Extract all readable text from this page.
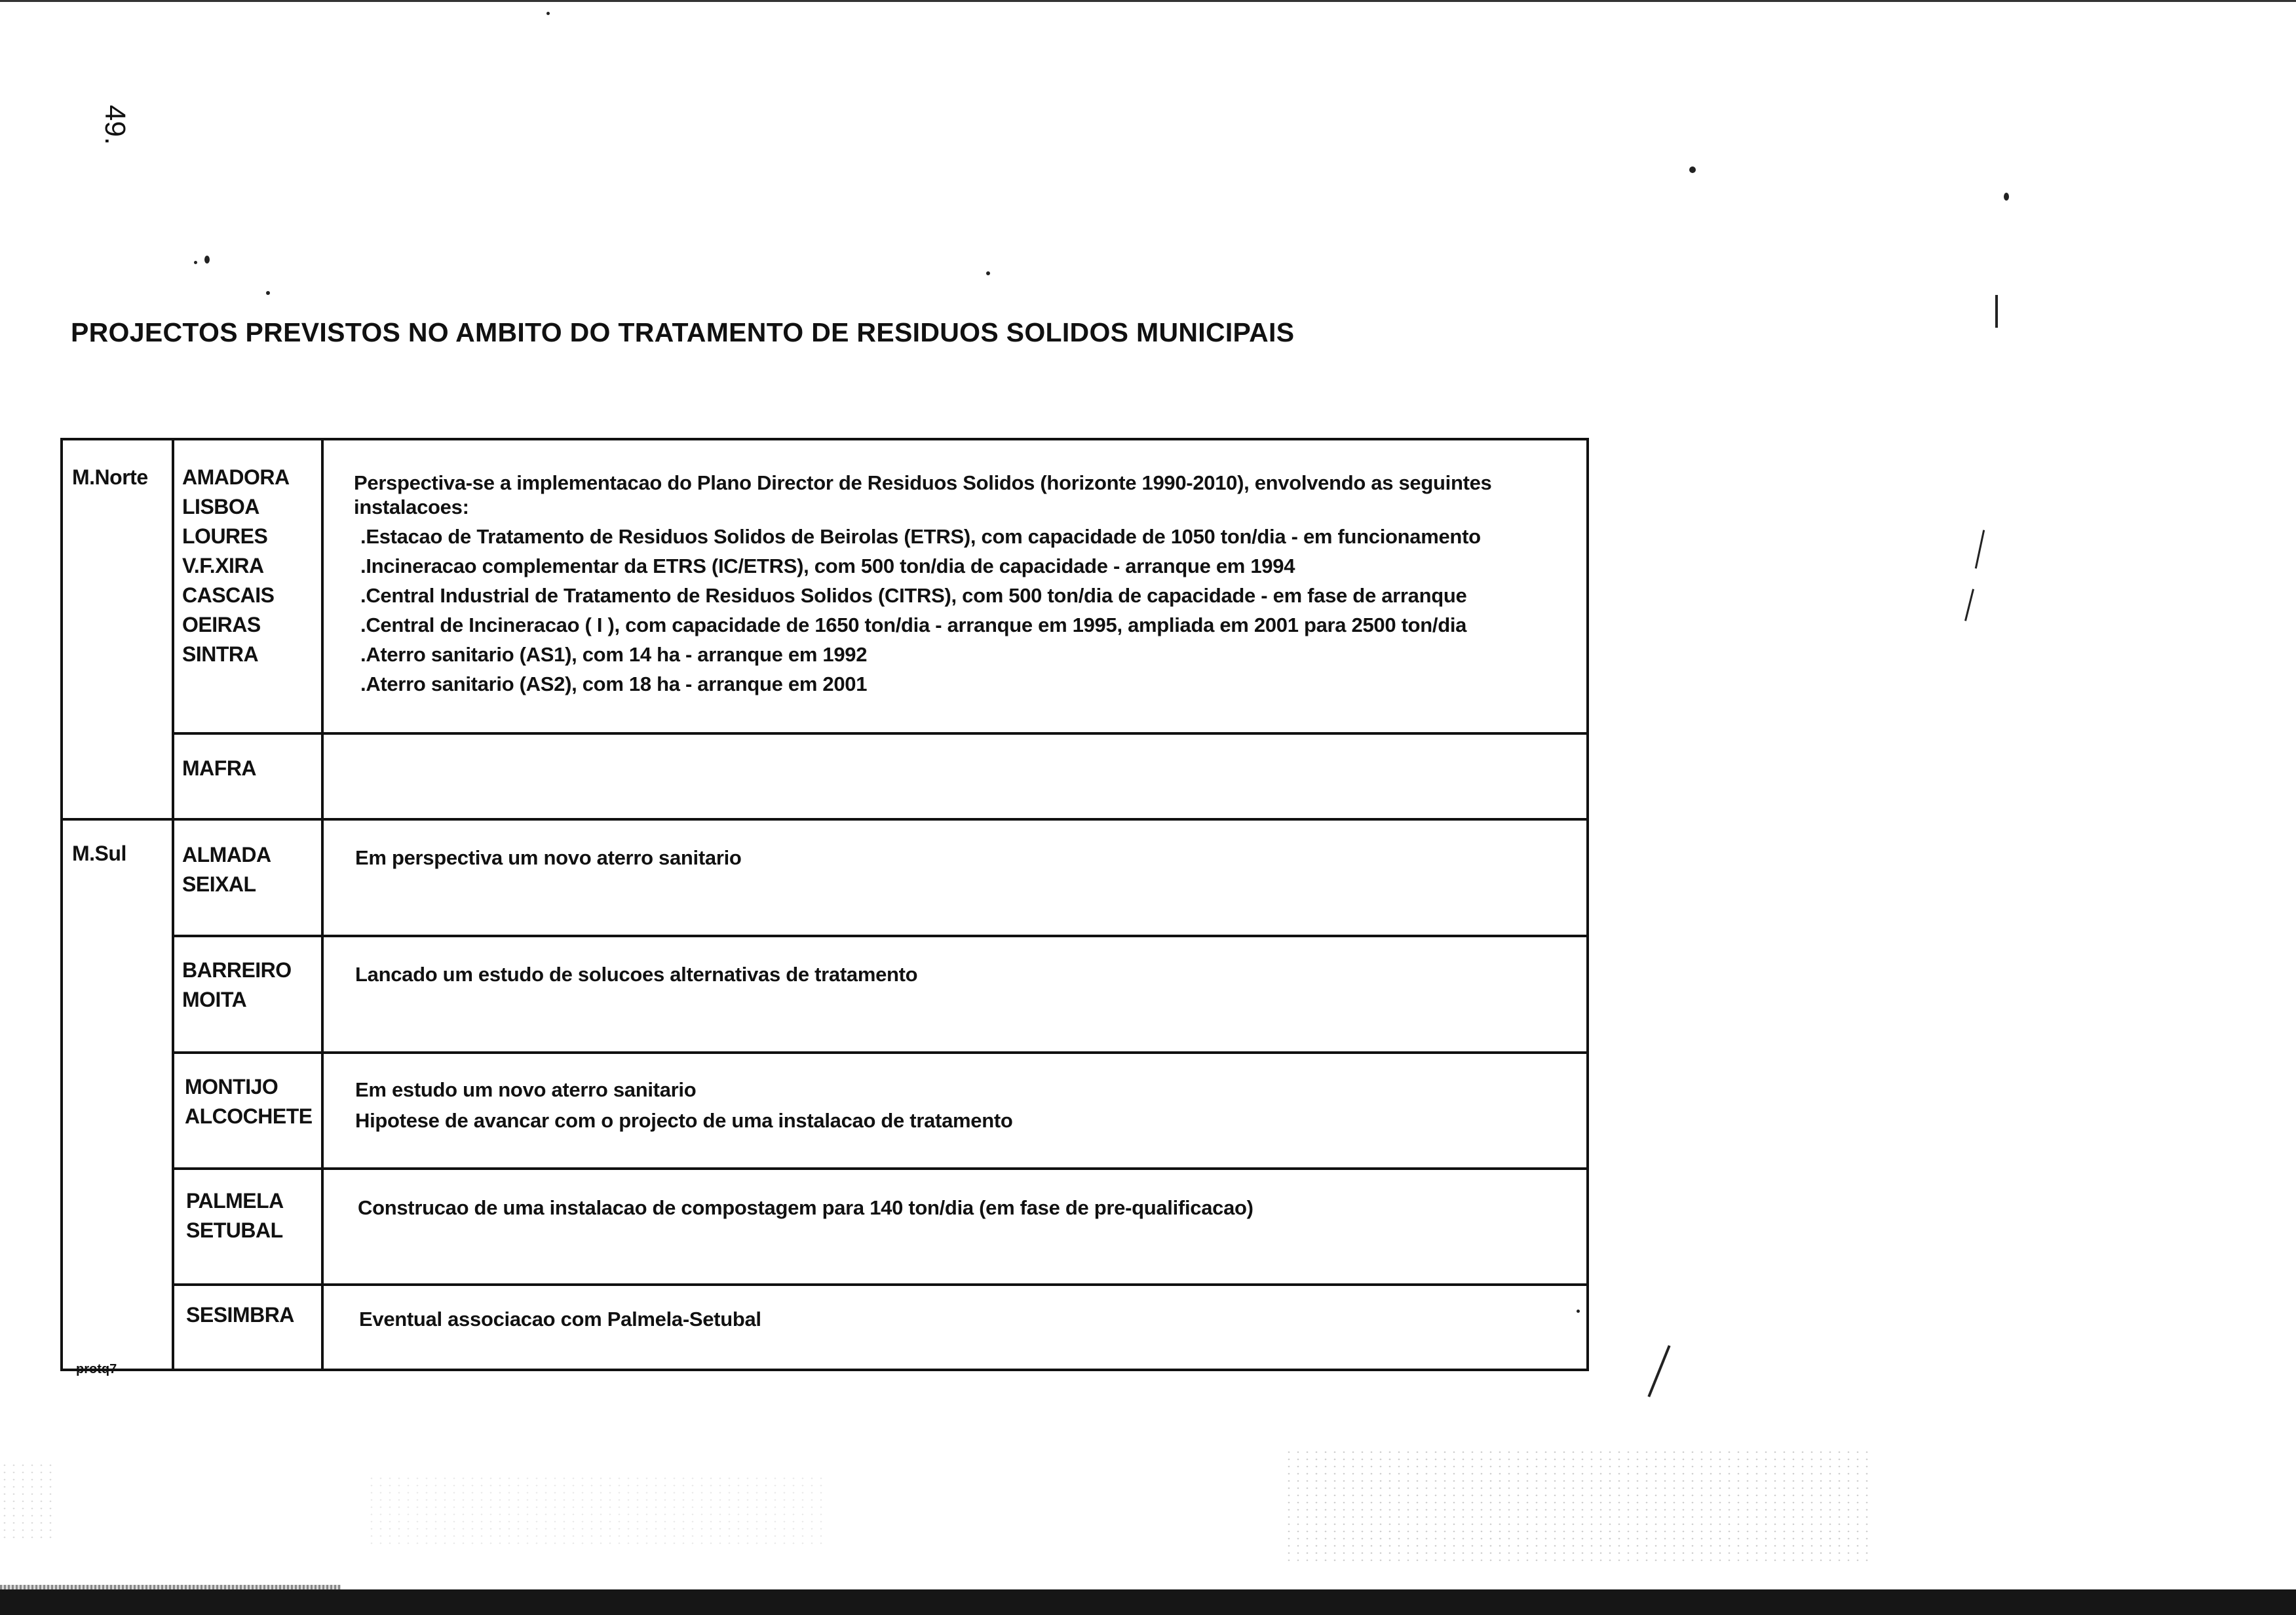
49.
PROJECTOS PREVISTOS NO AMBITO DO TRATAMENTO DE RESIDUOS SOLIDOS MUNICIPAIS
M.Norte
M.Sul
AMADORA
LISBOA
LOURES
V.F.XIRA
CASCAIS
OEIRAS
SINTRA
Perspectiva-se a implementacao do Plano Director de Residuos Solidos (horizonte 1990-2010), envolvendo as seguintes
instalacoes:
.Estacao de Tratamento de Residuos Solidos de Beirolas (ETRS), com capacidade de 1050 ton/dia - em funcionamento
.Incineracao complementar da ETRS (IC/ETRS), com 500 ton/dia de capacidade - arranque em 1994
.Central Industrial de Tratamento de Residuos Solidos (CITRS), com 500 ton/dia de capacidade - em fase de arranque
.Central de Incineracao ( I ), com capacidade de 1650 ton/dia - arranque em 1995, ampliada em 2001 para 2500 ton/dia
.Aterro sanitario (AS1), com 14 ha - arranque em 1992
.Aterro sanitario (AS2), com 18 ha - arranque em 2001
MAFRA
ALMADA
SEIXAL
Em perspectiva um novo aterro sanitario
BARREIRO
MOITA
Lancado um estudo de solucoes alternativas de tratamento
MONTIJO
ALCOCHETE
Em estudo um novo aterro sanitario
Hipotese de avancar com o projecto de uma instalacao de tratamento
PALMELA
SETUBAL
Construcao de uma instalacao de compostagem para 140 ton/dia (em fase de pre-qualificacao)
SESIMBRA	Eventual associacao com Palmela-Setubal
protq7
